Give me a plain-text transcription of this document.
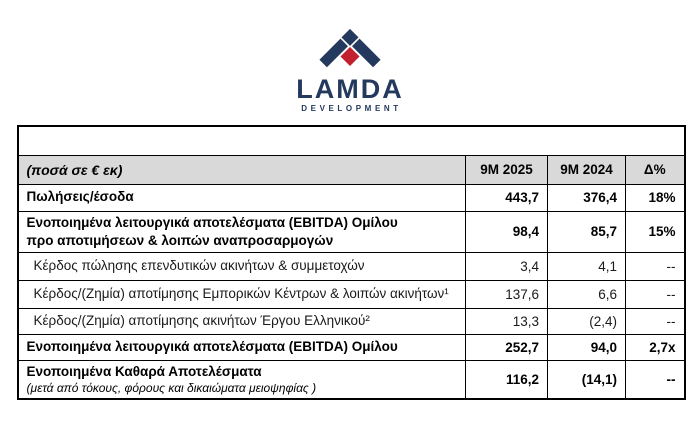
LAMDA
DEVELOPMENT
ΣΥΝΟΠΤΙΚΑ ΕΝΟΠΟΙΗΜΕΝΑ ΟΙΚΟΝΟΜΙΚΑ ΑΠΟΤΕΛΕΣΜΑΤΑ			
(ποσά σε € εκ)	9M 2025	9M 2024	Δ%
Πωλήσεις/έσοδα	443,7	376,4	18%

Ενοποιημένα λειτουργικά αποτελέσματα (EBITDA) Ομίλου
προ αποτιμήσεων & λοιπών αναπροσαρμογών	98,4	85,7	15%
Κέρδος πώλησης επενδυτικών ακινήτων & συμμετοχών	3,4	4,1	--
Κέρδος/(Ζημία) αποτίμησης Εμπορικών Κέντρων & λοιπών ακινήτων¹	137,6	6,6	--
Κέρδος/(Ζημία) αποτίμησης ακινήτων Έργου Ελληνικού²	13,3	(2,4)	--
Ενοποιημένα λειτουργικά αποτελέσματα (EBITDA) Ομίλου	252,7	94,0	2,7x

Ενοποιημένα Καθαρά Αποτελέσματα
(μετά από τόκους, φόρους και δικαιώματα μειοψηφίας )	116,2	(14,1)	--
